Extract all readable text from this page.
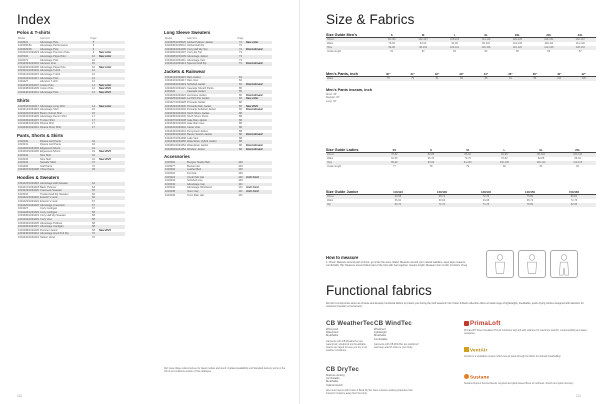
Index
Polos & T-shirts
Model	Garment	Page
1016021	Advantage Polo	5
1016050/51	Advantage Performance	6
1034425/26	Advantage Polo	6
1034422/1034423 Advantage Premium Polo	6	New color
1015102	Advantage Pique Polo	10	New color
1016073	Advantage Polo	10
1034433/1034434 Advance Polo	10
1034434/1034435 Advantage Pique Polo	10	New color
1034431/1034432 Advantage T-shirt	12
1034414/1034415 Advantage T-shirt	12
1034416/1034417 Advantage Polo	12
1034427	Advance T-shirt	12
1034436/1034437 Cotton Polo	14	New color
1034438/1034439 Cotton Polo	14	New 2023
1034440/1034441 Advantage Polo	14	New 2023
Shirts
1016016/1016017 Advantage Long Shirt	14	New color
1034414/1034415 Advantage Shirt	15
1034432/1034433 Button Oxford Shirt	15
1034434/1034435 Advantage Denim Shirt	17
1034436/1034437 Trucker Shirt	17
1034438/1034439 Riviera Shirt	17
1034440/1034441 Riviera Short Shirt	17
Pants, Shorts & Skirts
1016040	Riviera Golf Pants	44
1016041	Riviera Golf Pants	44
1034402/1034403 Edgewood Shorts	44
1034404/1034405 Edgewood Shorts	44	New 2023
1016042	Nice Skirt	44
1016043	Nice Skirt	44	New 2023
1016044	Seaside Skort	47
1034406	Golf Pants	47
1034407/1034408 Chino Pants	48
Hoodies & Sweaters
1034415/1034416 Advantage Half Sweater	64
1034417/1034418 Basic Pullover	64
1034419/1034420 Crewneck Sweater	66
1016010	Tracker Half Zip Sweater	66
1034421/1034422 Eclectic V-neck	66
1034423/1034424 Eclectic V-neck	67
1034425/1034426 Advantage Crewneck	67
1034427	Cozy Cardigan	67
1034428/1034429 Cozy Cardigan	68
1034430/1034431 Cozy Half Zip Sweater	68
1034432/1034433 Cozy Vest	68
1034434/1034435 Advantage Pullover	68
1034436/1034437 Advantage Cardigan	68
1034438/1034439 Premium Hood	68	New 2023
1034440/1034441 Advantage Hood Full Zip	70
1034442/1034443 Nelson Hood	70
Long Sleeve Sweaters
Model	Garment	Page
1016025/1016026 Global Pullover Jacket	72	New color
1016040/1016041 Global Half Zip	72
1034404/1034405 Cozy Half Zip Top	72	Discontinued
1034406/1034407 Cozy Zip Top	73
1034408/1034409 Advantage Jacket	73
1034410/1034411 Advantage Vest	73
1034412/1034413 Spencer Half Zip	73	Discontinued
Jackets & Rainwear
1034414/1034415 Rain Jacket	84
1034416/1034417 Rain Vest	84
1034418/1034419 Softshell Jacket	84	Discontinued
1034420/1034421 Cascade Stretch Pants	85
1034422	Cascade Jacket	85
1034423/1034424 Hurricane Jacket	86	Discontinued
1034425/1034426 La Pitch Pro Jacket	86	New color
1034427/1034428 Pinnacle Jacket	86
1034429/1034430 Pinnacle Rain Jacket	86	New 2023
1034431/1034432 Pinnacle Softshell Jacket	86	Discontinued
1034433/1034434 North Shore Jacket	88
1034435/1034436 North Shore Pants	88
1034437/1034438 Gale Rain Jacket	88
1034439/1034440 Gale Rain Vest	88
1034441/1034442 Carter Vest	88
1034443/1034444 Perrywood Jacket	88
1034445/1034446 Ranier Stretch Jacket	88	Discontinued
1034447/1034448 Lake Vest	88
1034449/1034450 Waterdown Hybrid Jacket	88
1034451/1034452 Waterdown Jacket	88	Discontinued
1034453/1034454 Windsor Jacket	88	Discontinued
Accessories
1015062	Bungee Towels Belt	100
1015077	Bucket Hat	100
1016002	Leather Belt	100
1016016	Knit Hat	100
1016021	Combi Mix Hat	100	Arch Card
1016034	Softshell Cap	100
1016043	Advantage Cap	101
1016044	Advantage Wristband	101	Arch Card
1016045	Visor Cap	101	Arch Card
1016046	Tonic Rain Hat	101
Ref: www.clique-cutter-buck.eu for latest models and stock. Updated availability and Standard delivery terms in the Terms & Conditions section of this catalogue.
110
Size & Fabrics
111
Size Guide Men's	S	M	L	XL	2XL	3XL	4XL
Chest	96-101	102-107	108-113	114-119	120-125	126-131	132-137
Waist	78-84	84-90	90-96	96-102	102-108	108-114	114-120
Hips	92-98	98-104	104-110	110-116	116-122	122-128	128-134
Inside length	81	82	83	84	85	86	87
Men's Pants, inch	30"	31"	32"	33"	34"	36"	38"	40"	42"
Waist	76	79	81	84	86	91	96	101	106
Men's Pants inseam, inch
Short: 30"
Regular: 32"
Long: 34"
Size Guide Ladies	XS	S	M	L	XL	2XL
Chest	78-82	82-86	86-92	92-98	98-104	104-110
Waist	62-66	66-70	70-76	76-82	82-88	88-94
Hips	86-90	90-94	94-100	100-106	106-112	112-118
Inside length	77	78	79	80	81	82
Size Guide Junior	110/116	120/130	130/140	140/150	150/160
Chest	64-68	68-72	72-76	76-80	80-84
Waist	56-60	60-64	64-68	68-72	72-76
Hip	66-70	70-74	74-78	78-82	82-86
How to measure
1. Chest: Measure around part of chest, go under the arms. Waist: Measure around your natural waistline, keep tape measure comfortably. Hip: Measure around fullest part of the hips with feet together. Inseam length: Measure from crotch to bottom of leg.
Functional fabrics
We don't compromise when we choose and develop functional fabrics to protect you during the Golf seasons! Our Cutter & Buck collection offers a broad range of lightweight, breathable, quick drying clothes designed with attention for maximum freedom of movement.
CB WeatherTec
Wind proof
Waterproof
Breathable
Garments with CB WeatherTec are waterproof, windproof and breathable. Seams are taped to keep you dry in all weather conditions.
CB WindTec
Windproof
Lightweight
Breathable
Comfortable
Garments with CB WindTec are windproof and keep warmth close to your body.
CB DryTec
Moisture wicking
Comfortable
Breathable
Optimal stretch
Also outer layers with Cutter & Buck DryTec have moisture wicking properties that transport moisture away from the body.
PrimaLoft
PrimaLoft® Silver Insulation Hi-Loft combines high loft with softness for maximum warmth, compressibility and water-resistance.
VentAir
VentAir is a ventilation system which lets air pass through the fabric for optimal breathability.
Sustane
Sustane Dupont Sorona blends recycled and plant-based fibres for softness, stretch and quick recovery.
